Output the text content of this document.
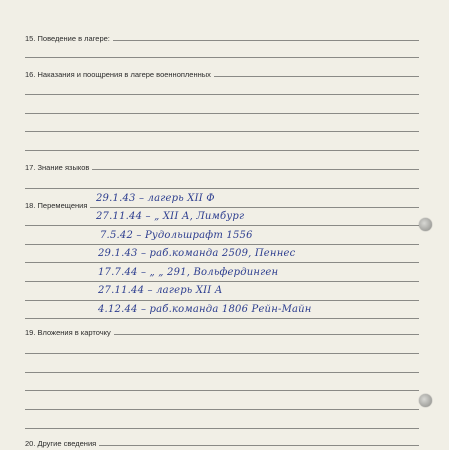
15. Поведение в лагере:
16. Наказания и поощрения в лагере военнопленных
17. Знание языков
18. Перемещения
29.1.43 – лагерь XII Ф
27.11.44 – „ XII А, Лимбург
7.5.42 – Рудольшрафт 1556
29.1.43 – раб.команда 2509, Пеннес
17.7.44 – „ „ 291, Вольфердинген
27.11.44 – лагерь XII А
4.12.44 – раб.команда 1806 Рейн-Майн
19. Вложения в карточку
20. Другие сведения
